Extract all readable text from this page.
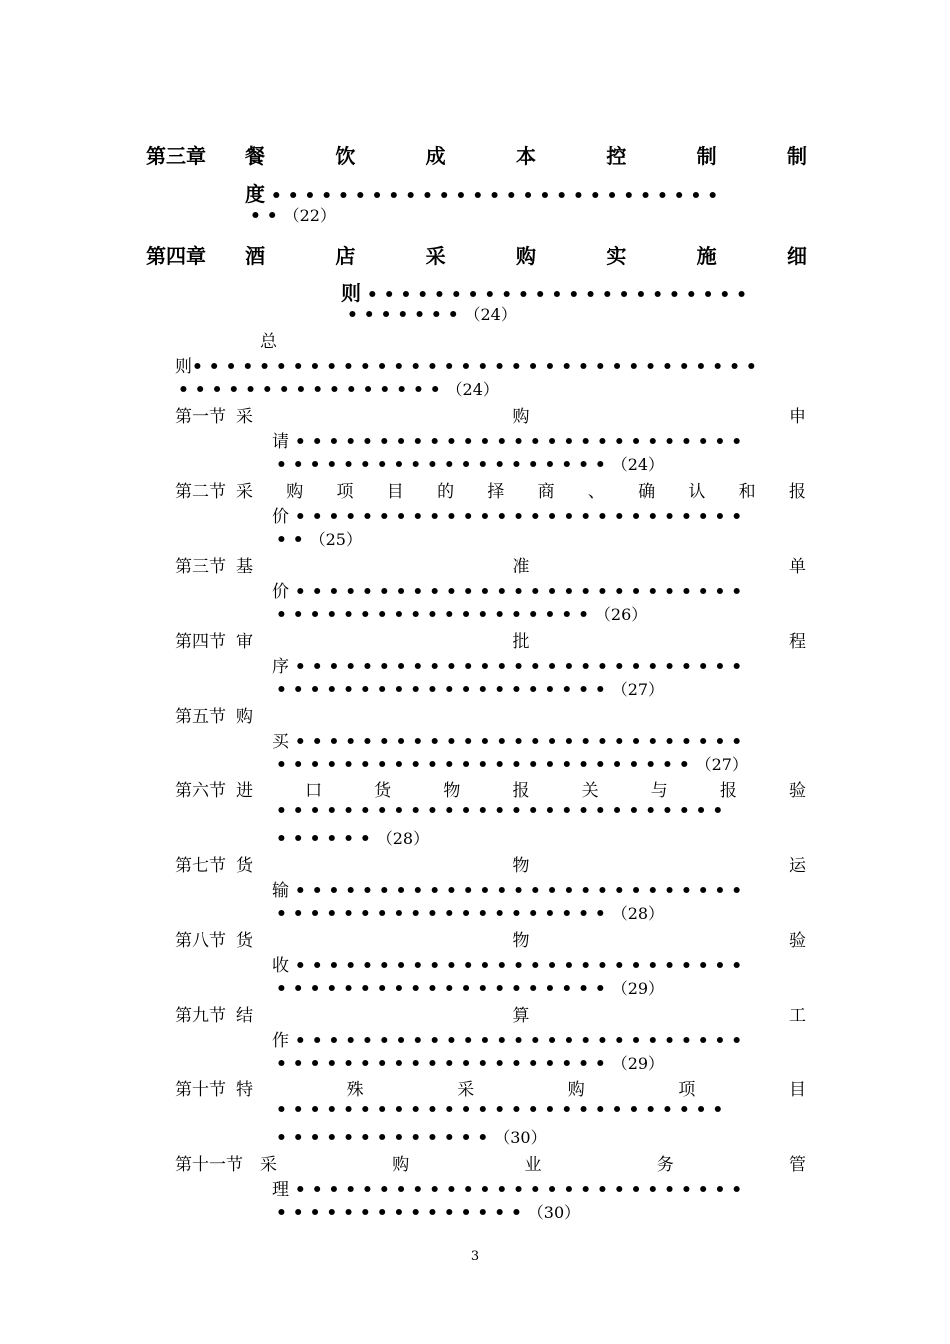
第三章 餐	饮	成	本	控	制	制
度 • • • • • • • • • • • • • • • • • • • • • • • • • • •
• • （22）
第四章 酒	店	采	购	实	施	细
则 • • • • • • • • • • • • • • • • • • • • • • •
• • • • • • • （24）
总
则• • • • • • • • • • • • • • • • • • • • • • • • • • • • • • • • • •
• • • • • • • • • • • • • • • • （24）
第一节 采	购	申
请 • • • • • • • • • • • • • • • • • • • • • • • • • • •
• • • • • • • • • • • • • • • • • • • • （24）
第二节 采 购 项 目 的 择 商 、 确 认 和 报
价 • • • • • • • • • • • • • • • • • • • • • • • • • • •
• • （25）
第三节 基	准	单
价 • • • • • • • • • • • • • • • • • • • • • • • • • • •
• • • • • • • • • • • • • • • • • • • （26）
第四节 审	批	程
序 • • • • • • • • • • • • • • • • • • • • • • • • • • •
• • • • • • • • • • • • • • • • • • • • （27）
第五节 购
买 • • • • • • • • • • • • • • • • • • • • • • • • • • •
• • • • • • • • • • • • • • • • • • • • • • • • • （27）
第六节 进	口	货	物	报	关	与	报	验
• • • • • • • • • • • • • • • • • • • • • • • • • • •
• • • • • • （28）
第七节 货	物	运
输 • • • • • • • • • • • • • • • • • • • • • • • • • • •
• • • • • • • • • • • • • • • • • • • • （28）
第八节 货	物	验
收 • • • • • • • • • • • • • • • • • • • • • • • • • • •
• • • • • • • • • • • • • • • • • • • • （29）
第九节 结	算	工
作 • • • • • • • • • • • • • • • • • • • • • • • • • • •
• • • • • • • • • • • • • • • • • • • • （29）
第十节 特	殊	采	购	项	目
• • • • • • • • • • • • • • • • • • • • • • • • • • •
• • • • • • • • • • • • • （30）
第十一节 采	购	业	务	管
理 • • • • • • • • • • • • • • • • • • • • • • • • • • •
• • • • • • • • • • • • • • • （30）
3
